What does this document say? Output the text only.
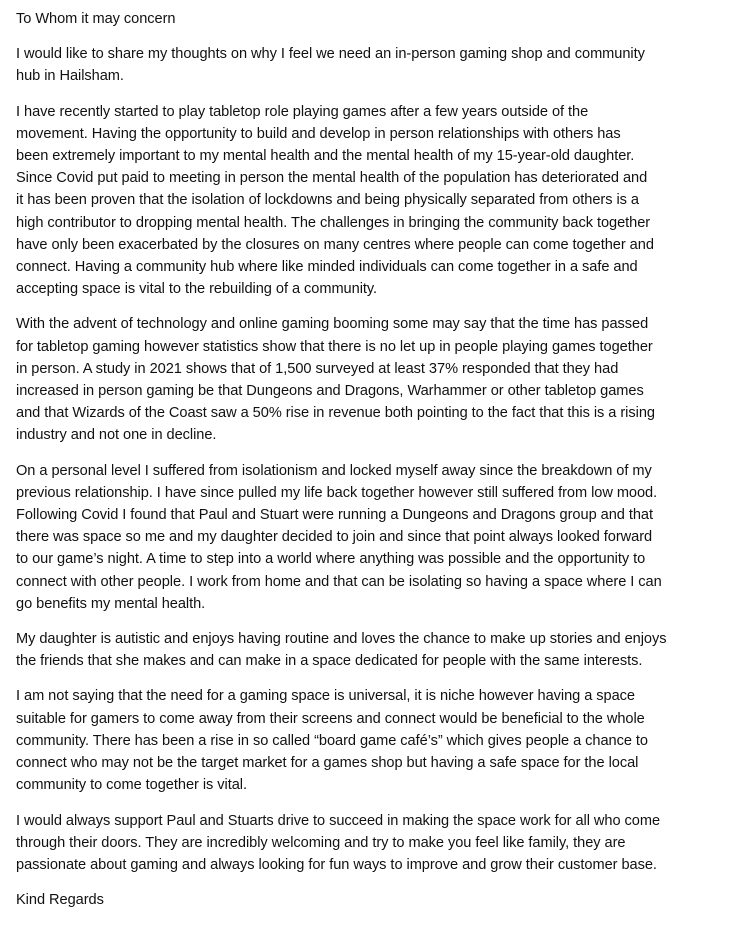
To Whom it may concern

I would like to share my thoughts on why I feel we need an in-person gaming shop and community
hub in Hailsham.
I have recently started to play tabletop role playing games after a few years outside of the
movement. Having the opportunity to build and develop in person relationships with others has
been extremely important to my mental health and the mental health of my 15-year-old daughter.
Since Covid put paid to meeting in person the mental health of the population has deteriorated and
it has been proven that the isolation of lockdowns and being physically separated from others is a
high contributor to dropping mental health. The challenges in bringing the community back together
have only been exacerbated by the closures on many centres where people can come together and
connect. Having a community hub where like minded individuals can come together in a safe and
accepting space is vital to the rebuilding of a community.
With the advent of technology and online gaming booming some may say that the time has passed
for tabletop gaming however statistics show that there is no let up in people playing games together
in person. A study in 2021 shows that of 1,500 surveyed at least 37% responded that they had
increased in person gaming be that Dungeons and Dragons, Warhammer or other tabletop games
and that Wizards of the Coast saw a 50% rise in revenue both pointing to the fact that this is a rising
industry and not one in decline.
On a personal level I suffered from isolationism and locked myself away since the breakdown of my
previous relationship. I have since pulled my life back together however still suffered from low mood.
Following Covid I found that Paul and Stuart were running a Dungeons and Dragons group and that
there was space so me and my daughter decided to join and since that point always looked forward
to our game’s night. A time to step into a world where anything was possible and the opportunity to
connect with other people. I work from home and that can be isolating so having a space where I can
go benefits my mental health.
My daughter is autistic and enjoys having routine and loves the chance to make up stories and enjoys
the friends that she makes and can make in a space dedicated for people with the same interests.
I am not saying that the need for a gaming space is universal, it is niche however having a space
suitable for gamers to come away from their screens and connect would be beneficial to the whole
community. There has been a rise in so called “board game café’s” which gives people a chance to
connect who may not be the target market for a games shop but having a safe space for the local
community to come together is vital.
I would always support Paul and Stuarts drive to succeed in making the space work for all who come
through their doors. They are incredibly welcoming and try to make you feel like family, they are
passionate about gaming and always looking for fun ways to improve and grow their customer base.

Kind Regards
